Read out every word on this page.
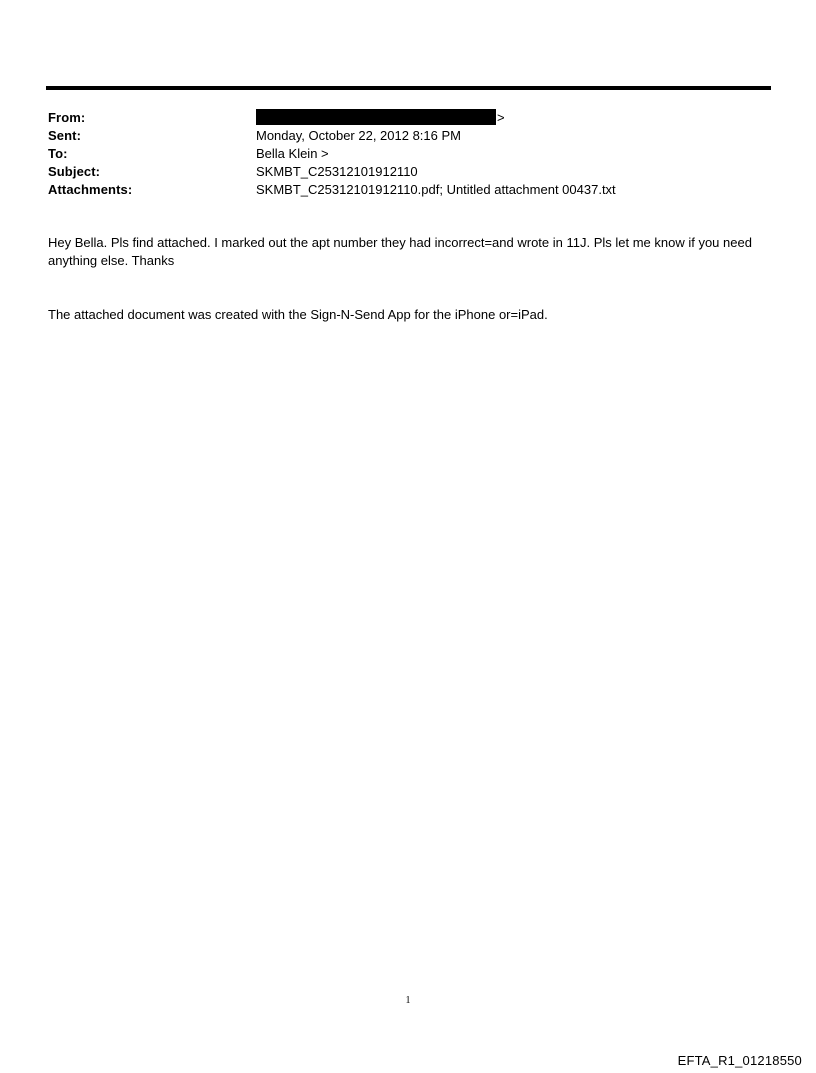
From:	>
Sent:	Monday, October 22, 2012 8:16 PM
To:	Bella Klein >
Subject:	SKMBT_C25312101912110
Attachments:	SKMBT_C25312101912110.pdf; Untitled attachment 00437.txt
Hey Bella. Pls find attached. I marked out the apt number they had incorrect=and wrote in 11J. Pls let me know if you need anything else. Thanks
The attached document was created with the Sign-N-Send App for the iPhone or=iPad.
1
EFTA_R1_01218550
